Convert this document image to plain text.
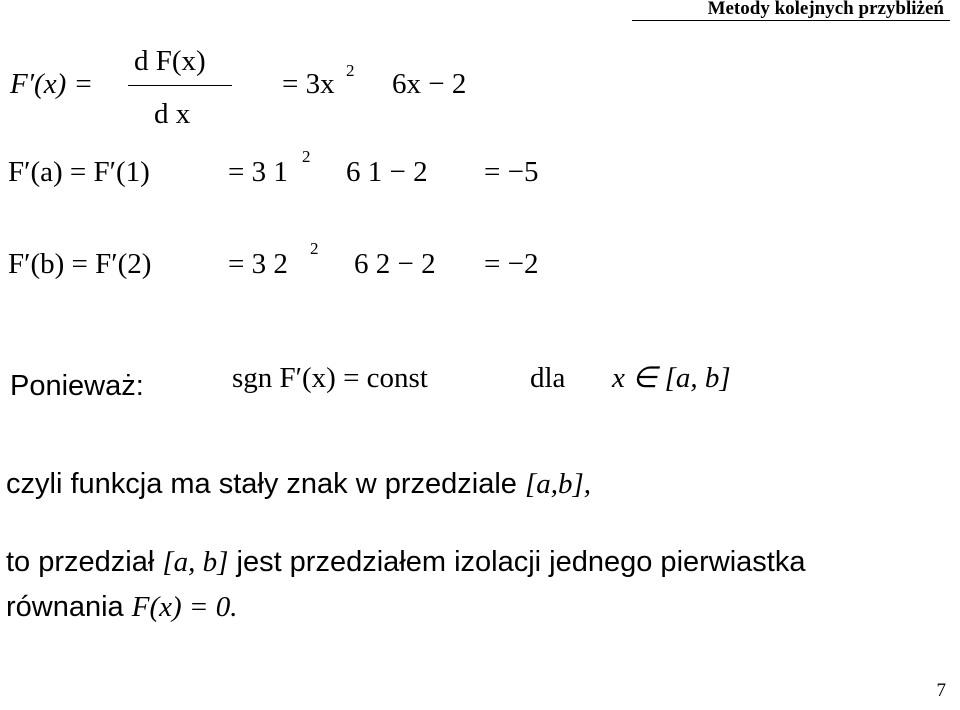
Metody kolejnych przybliżeń
F′(x) =
d F(x)
d x
= 3x 2 6x − 2
F′(a) = F′(1)	= 3 1 2 6 1 − 2 = −5
F′(b) = F′(2)	= 3 2 2 6 2 − 2 = −2
Ponieważ:	sgn F′(x) = const	dla x ∈ [a, b]
czyli funkcja ma stały znak w przedziale [a,b],
to przedział [a, b] jest przedziałem izolacji jednego pierwiastka
równania F(x) = 0.
7
